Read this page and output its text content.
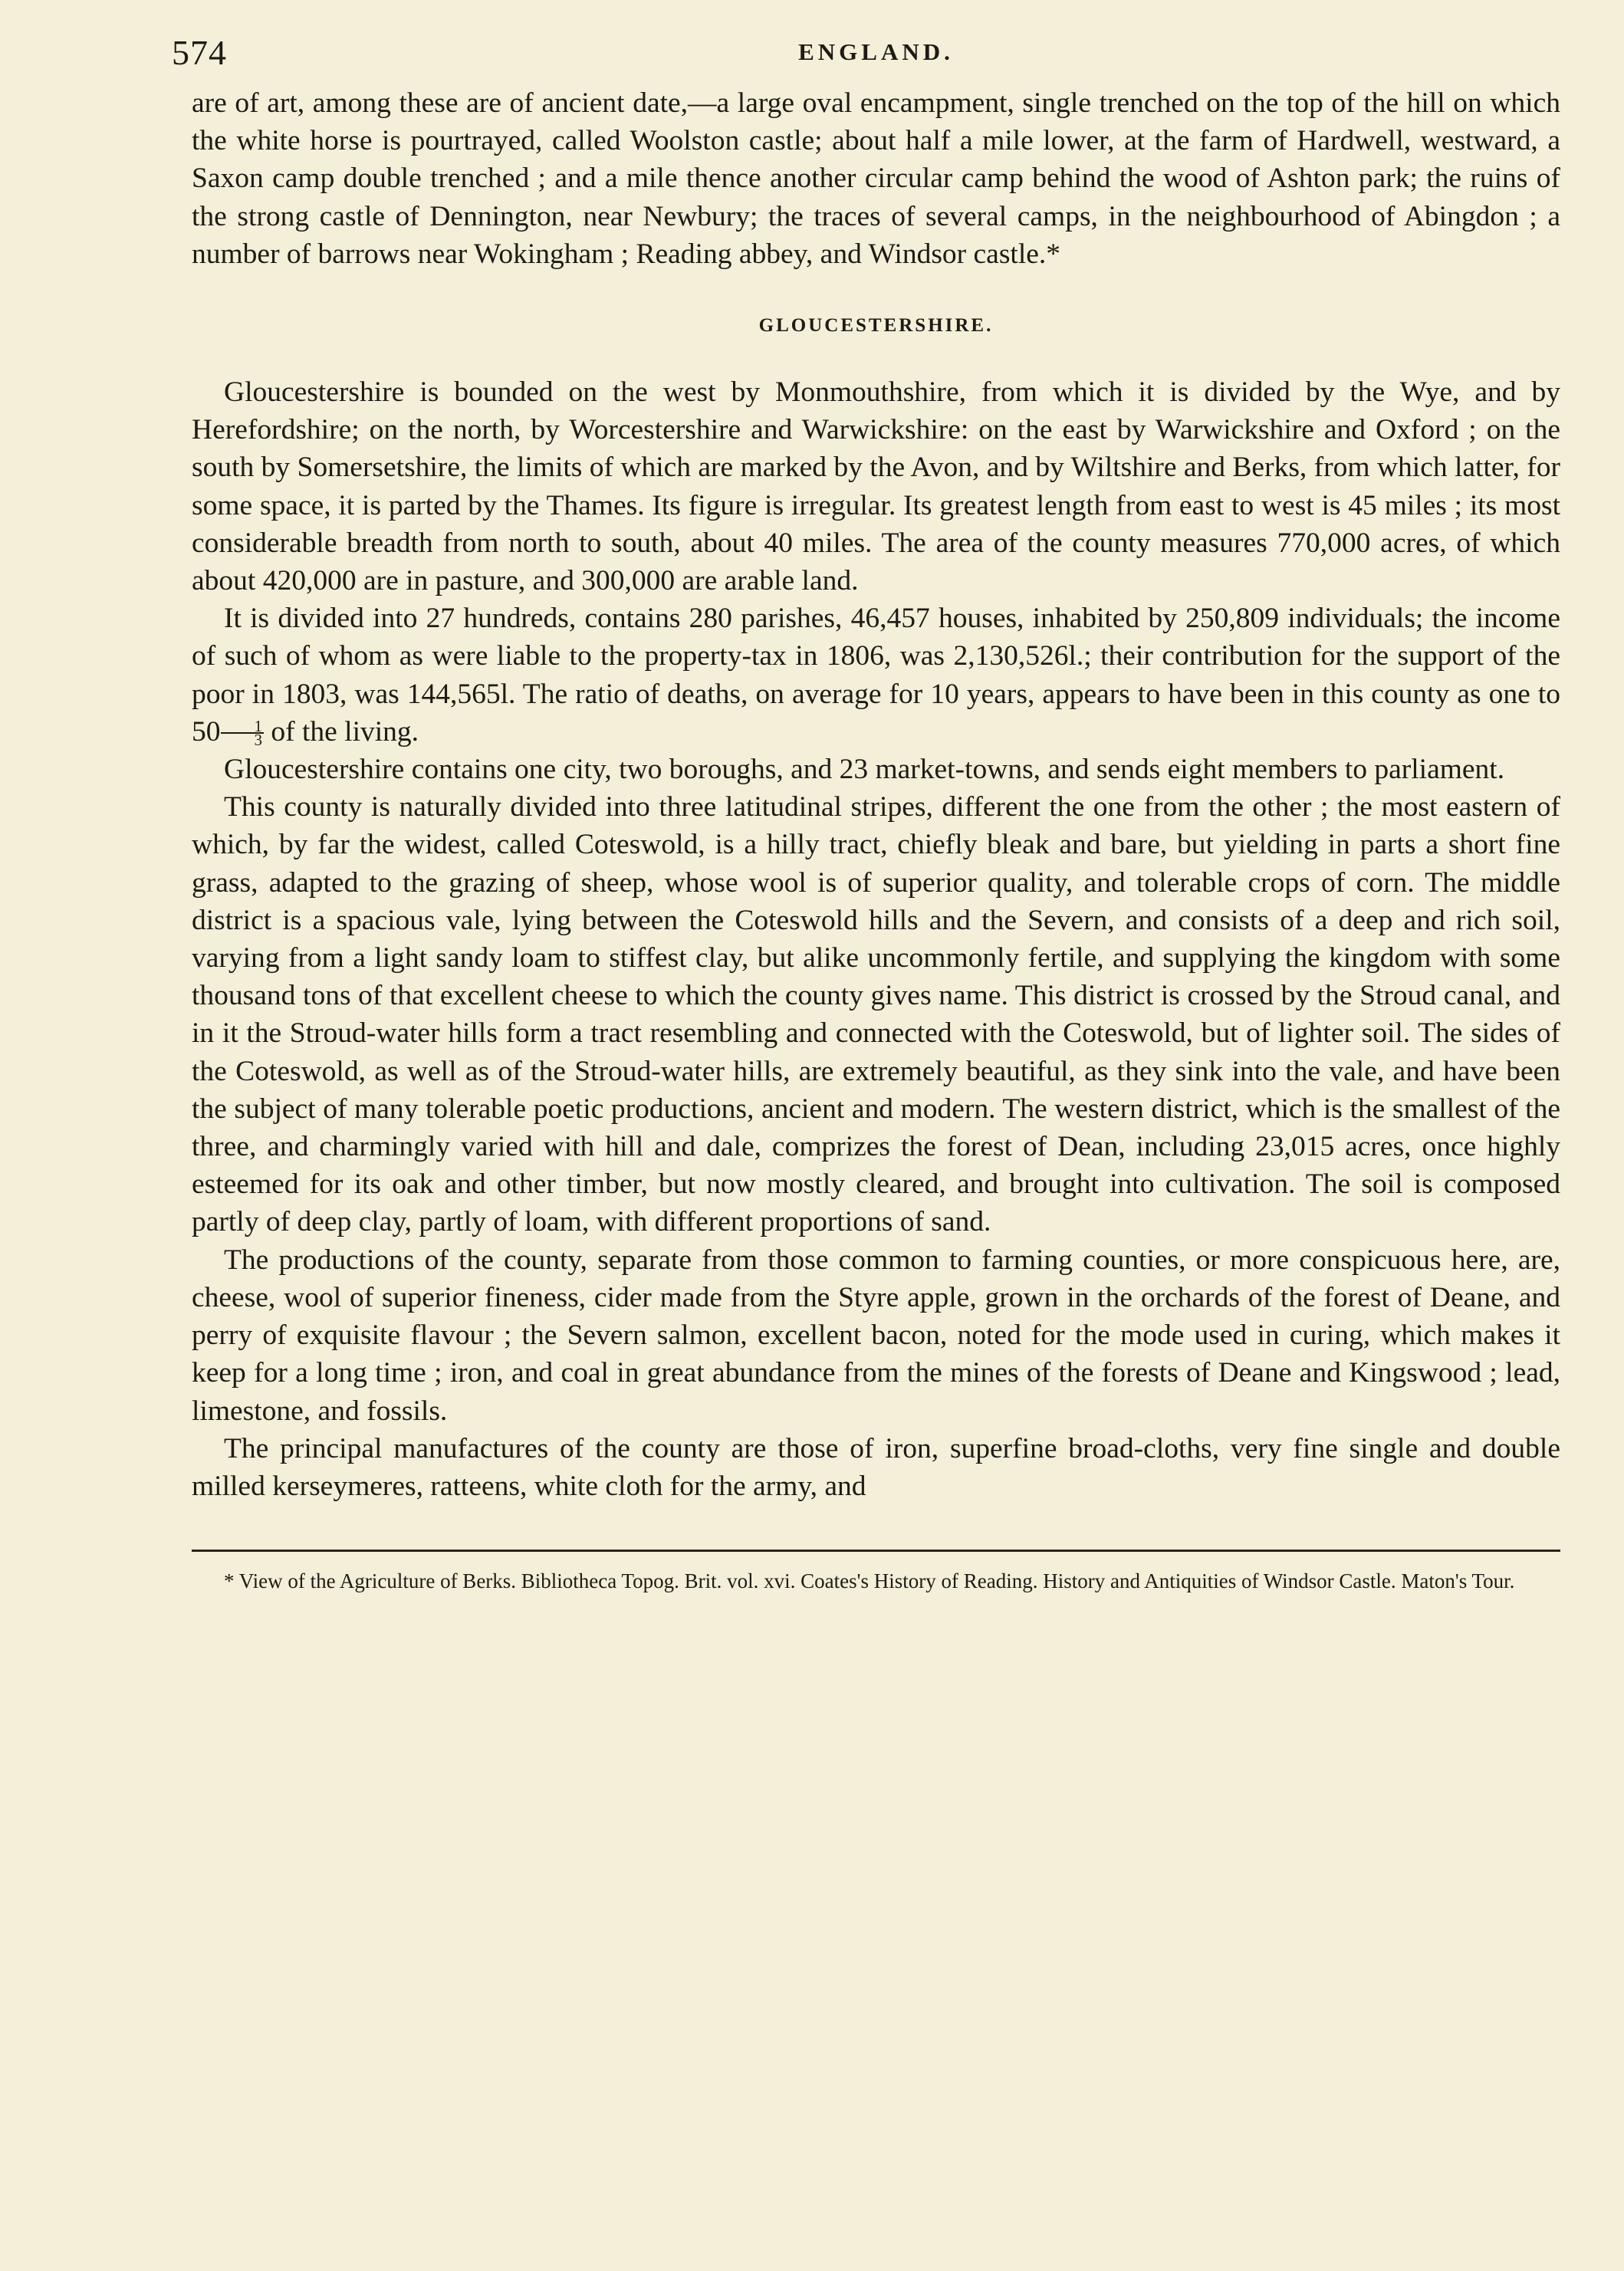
574	ENGLAND.

are of art, among these are of ancient date,—a large oval encampment, single trenched on the top of the hill on which the white horse is pourtrayed, called Woolston castle; about half a mile lower, at the farm of Hardwell, westward, a Saxon camp double trenched ; and a mile thence another circular camp behind the wood of Ashton park; the ruins of the strong castle of Dennington, near Newbury; the traces of several camps, in the neighbourhood of Abingdon ; a number of barrows near Wokingham ; Reading abbey, and Windsor castle.*

GLOUCESTERSHIRE.

Gloucestershire is bounded on the west by Monmouthshire, from which it is divided by the Wye, and by Herefordshire; on the north, by Worcestershire and Warwickshire: on the east by Warwickshire and Oxford ; on the south by Somersetshire, the limits of which are marked by the Avon, and by Wiltshire and Berks, from which latter, for some space, it is parted by the Thames. Its figure is irregular. Its greatest length from east to west is 45 miles ; its most considerable breadth from north to south, about 40 miles. The area of the county measures 770,000 acres, of which about 420,000 are in pasture, and 300,000 are arable land.

It is divided into 27 hundreds, contains 280 parishes, 46,457 houses, inhabited by 250,809 individuals; the income of such of whom as were liable to the property-tax in 1806, was 2,130,526l.; their contribution for the support of the poor in 1803, was 144,565l. The ratio of deaths, on average for 10 years, appears to have been in this county as one to $50 \frac{1}{3}$ of the living.

Gloucestershire contains one city, two boroughs, and 23 market-towns, and sends eight members to parliament.

This county is naturally divided into three latitudinal stripes, different the one from the other ; the most eastern of which, by far the widest, called Coteswold, is a hilly tract, chiefly bleak and bare, but yielding in parts a short fine grass, adapted to the grazing of sheep, whose wool is of superior quality, and tolerable crops of corn. The middle district is a spacious vale, lying between the Coteswold hills and the Severn, and consists of a deep and rich soil, varying from a light sandy loam to stiffest clay, but alike uncommonly fertile, and supplying the kingdom with some thousand tons of that excellent cheese to which the county gives name. This district is crossed by the Stroud canal, and in it the Stroud-water hills form a tract resembling and connected with the Coteswold, but of lighter soil. The sides of the Coteswold, as well as of the Stroud-water hills, are extremely beautiful, as they sink into the vale, and have been the subject of many tolerable poetic productions, ancient and modern. The western district, which is the smallest of the three, and charmingly varied with hill and dale, comprizes the forest of Dean, including 23,015 acres, once highly esteemed for its oak and other timber, but now mostly cleared, and brought into cultivation. The soil is composed partly of deep clay, partly of loam, with different proportions of sand.

The productions of the county, separate from those common to farming counties, or more conspicuous here, are, cheese, wool of superior fineness, cider made from the Styre apple, grown in the orchards of the forest of Deane, and perry of exquisite flavour ; the Severn salmon, excellent bacon, noted for the mode used in curing, which makes it keep for a long time ; iron, and coal in great abundance from the mines of the forests of Deane and Kingswood ; lead, limestone, and fossils.

The principal manufactures of the county are those of iron, superfine broad-cloths, very fine single and double milled kerseymeres, ratteens, white cloth for the army, and

* View of the Agriculture of Berks. Bibliotheca Topog. Brit. vol. xvi. Coates's History of Reading. History and Antiquities of Windsor Castle. Maton's Tour.
